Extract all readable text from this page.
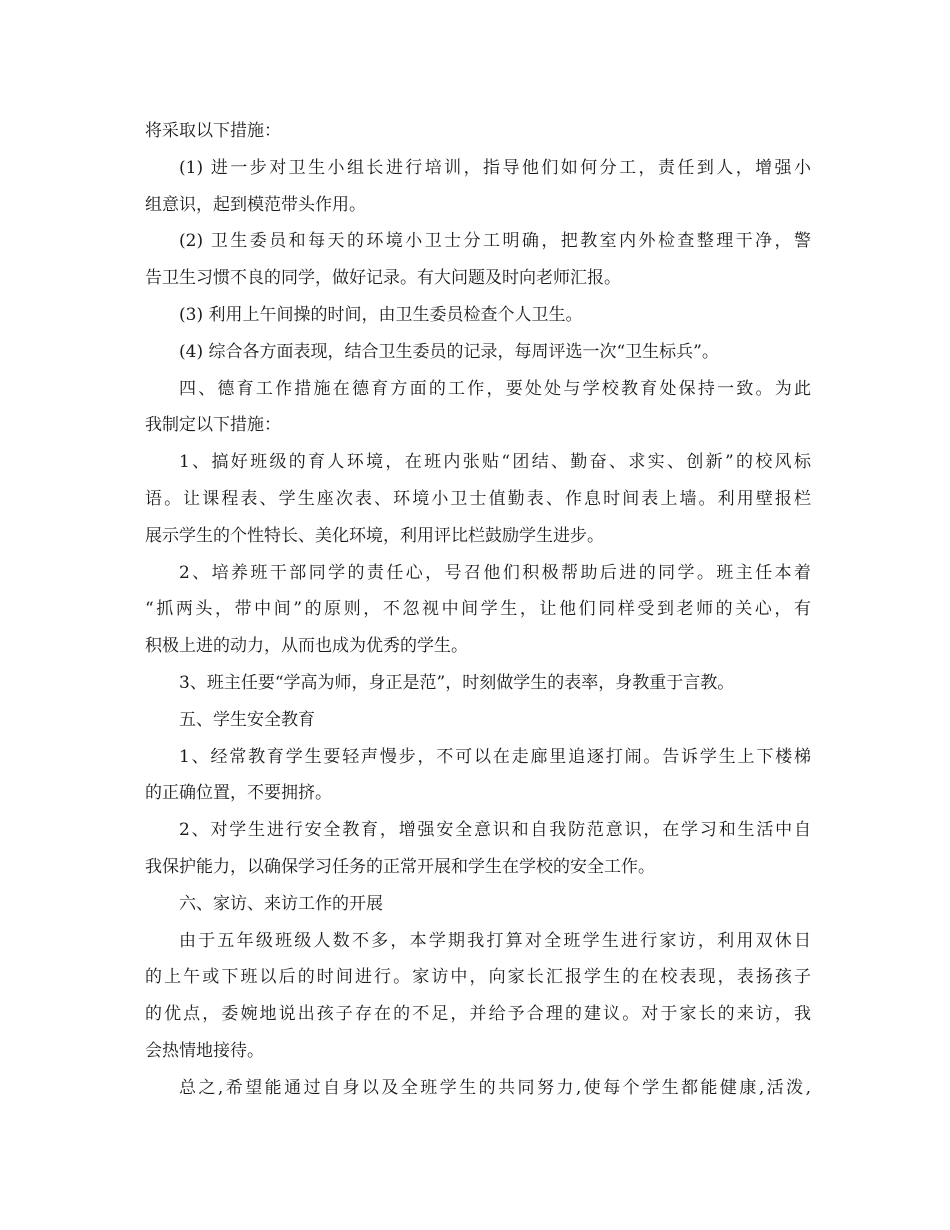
将采取以下措施：
(1) 进一步对卫生小组长进行培训，指导他们如何分工，责任到人，增强小
组意识，起到模范带头作用。
(2) 卫生委员和每天的环境小卫士分工明确，把教室内外检查整理干净，警
告卫生习惯不良的同学，做好记录。有大问题及时向老师汇报。
(3) 利用上午间操的时间，由卫生委员检查个人卫生。
(4) 综合各方面表现，结合卫生委员的记录，每周评选一次“卫生标兵”。
四、德育工作措施在德育方面的工作，要处处与学校教育处保持一致。为此
我制定以下措施：
1、搞好班级的育人环境，在班内张贴“团结、勤奋、求实、创新”的校风标
语。让课程表、学生座次表、环境小卫士值勤表、作息时间表上墙。利用壁报栏
展示学生的个性特长、美化环境，利用评比栏鼓励学生进步。
2、培养班干部同学的责任心，号召他们积极帮助后进的同学。班主任本着
“抓两头，带中间”的原则，不忽视中间学生，让他们同样受到老师的关心，有
积极上进的动力，从而也成为优秀的学生。
3、班主任要“学高为师，身正是范”，时刻做学生的表率，身教重于言教。
五、学生安全教育
1、经常教育学生要轻声慢步，不可以在走廊里追逐打闹。告诉学生上下楼梯
的正确位置，不要拥挤。
2、对学生进行安全教育，增强安全意识和自我防范意识，在学习和生活中自
我保护能力，以确保学习任务的正常开展和学生在学校的安全工作。
六、家访、来访工作的开展
由于五年级班级人数不多，本学期我打算对全班学生进行家访，利用双休日
的上午或下班以后的时间进行。家访中，向家长汇报学生的在校表现，表扬孩子
的优点，委婉地说出孩子存在的不足，并给予合理的建议。对于家长的来访，我
会热情地接待。
总之,希望能通过自身以及全班学生的共同努力,使每个学生都能健康,活泼,
